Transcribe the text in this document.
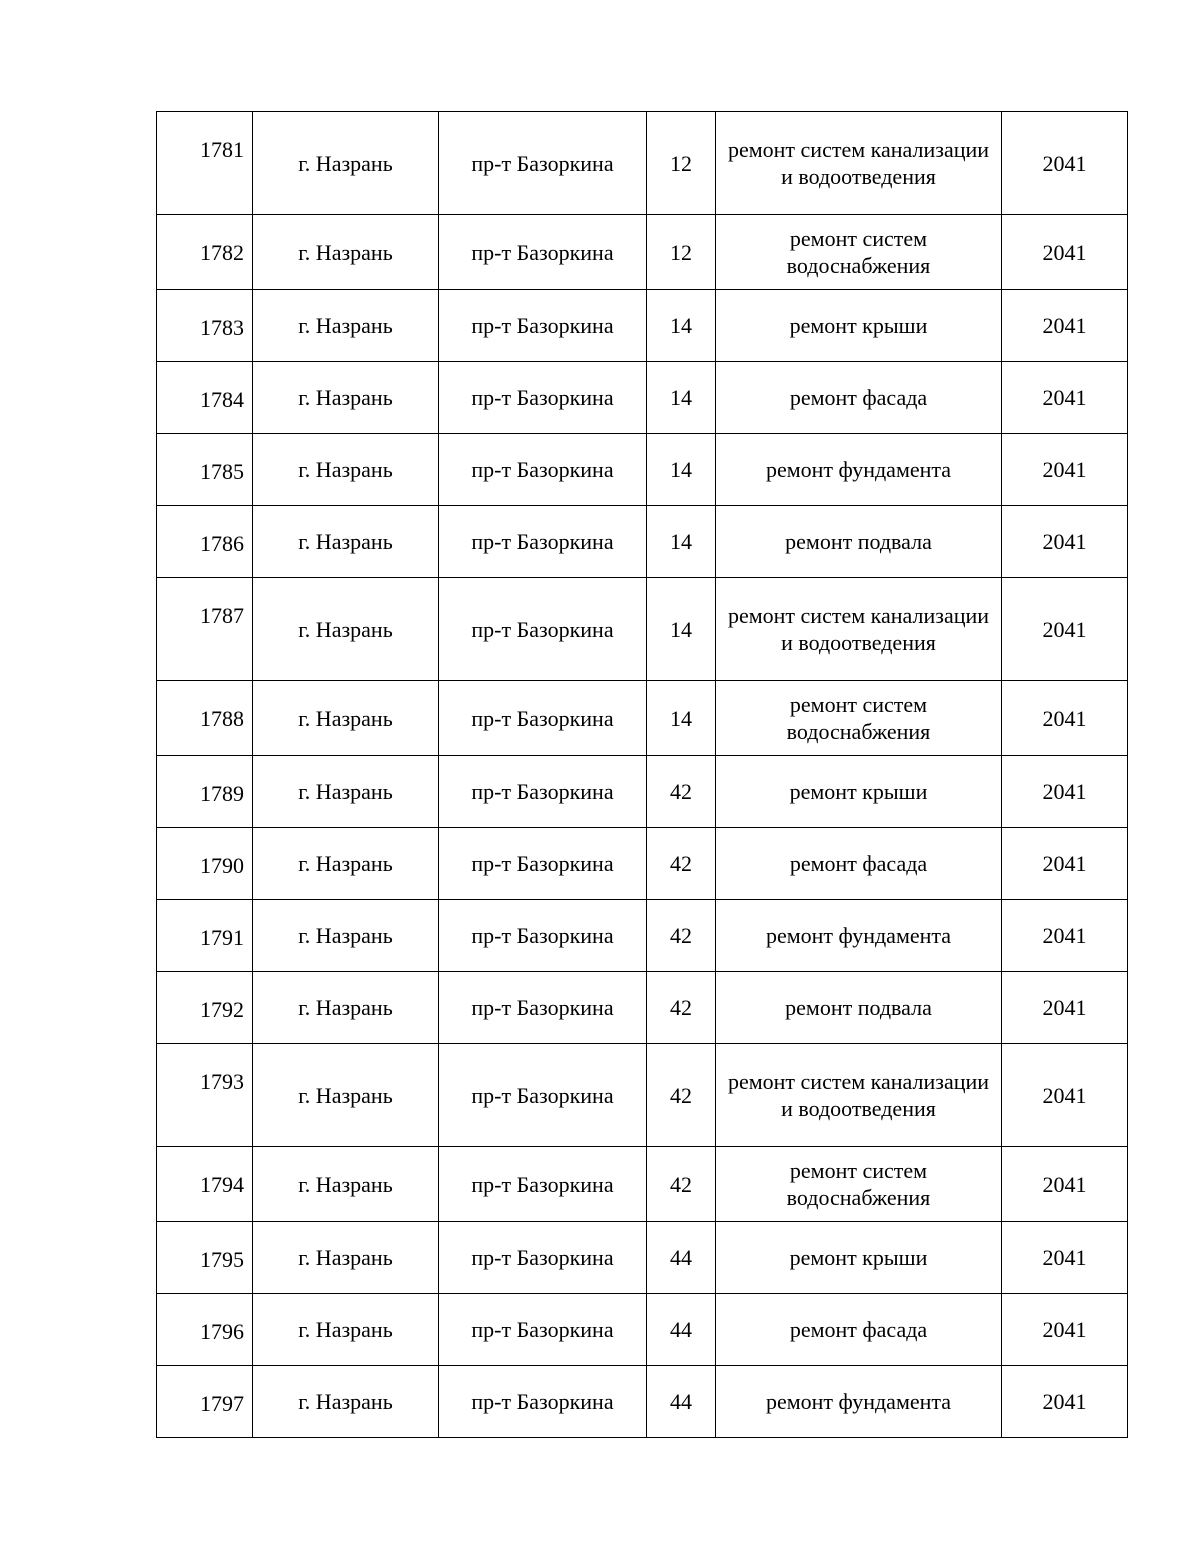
1781	г. Назрань	пр-т Базоркина	12	ремонт систем канализации и водоотведения	2041
1782	г. Назрань	пр-т Базоркина	12	ремонт систем водоснабжения	2041
1783	г. Назрань	пр-т Базоркина	14	ремонт крыши	2041
1784	г. Назрань	пр-т Базоркина	14	ремонт фасада	2041
1785	г. Назрань	пр-т Базоркина	14	ремонт фундамента	2041
1786	г. Назрань	пр-т Базоркина	14	ремонт подвала	2041
1787	г. Назрань	пр-т Базоркина	14	ремонт систем канализации и водоотведения	2041
1788	г. Назрань	пр-т Базоркина	14	ремонт систем водоснабжения	2041
1789	г. Назрань	пр-т Базоркина	42	ремонт крыши	2041
1790	г. Назрань	пр-т Базоркина	42	ремонт фасада	2041
1791	г. Назрань	пр-т Базоркина	42	ремонт фундамента	2041
1792	г. Назрань	пр-т Базоркина	42	ремонт подвала	2041
1793	г. Назрань	пр-т Базоркина	42	ремонт систем канализации и водоотведения	2041
1794	г. Назрань	пр-т Базоркина	42	ремонт систем водоснабжения	2041
1795	г. Назрань	пр-т Базоркина	44	ремонт крыши	2041
1796	г. Назрань	пр-т Базоркина	44	ремонт фасада	2041
1797	г. Назрань	пр-т Базоркина	44	ремонт фундамента	2041
